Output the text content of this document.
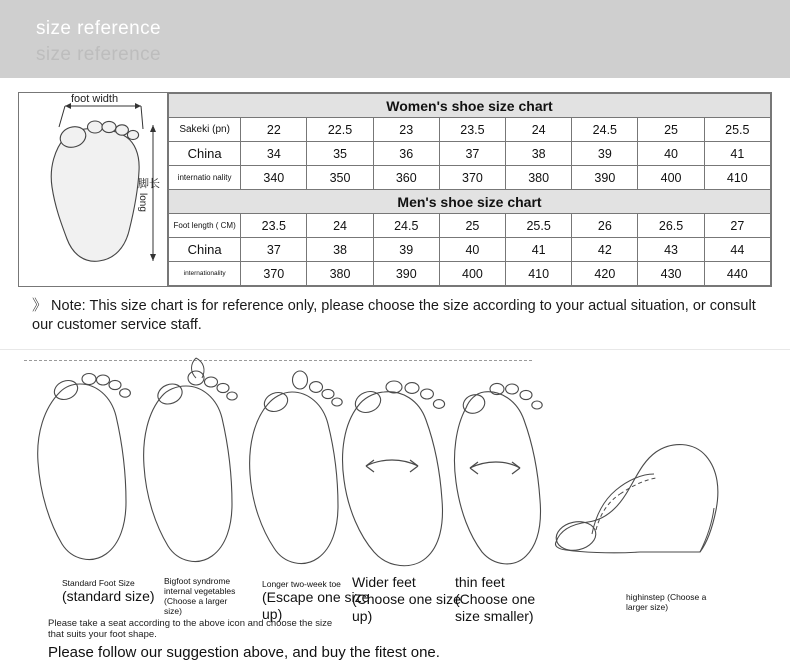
size reference
size reference
foot width
脚长
long
Women's shoe size chart								
Sakeki (pn)	22	22.5	23	23.5	24	24.5	25	25.5
China	34	35	36	37	38	39	40	41
internatio nality	340	350	360	370	380	390	400	410
Men's shoe size chart								
Foot length ( CM)	23.5	24	24.5	25	25.5	26	26.5	27
China	37	38	39	40	41	42	43	44
internationality	370	380	390	400	410	420	430	440
》 Note: This size chart is for reference only, please choose the size according to your actual situation, or consult our customer service staff.
Standard Foot Size
(standard size)
Bigfoot syndrome internal vegetables (Choose a larger size)
Longer two-week toe
(Escape one size up)
Wider feet (Choose one size up)
thin feet (Choose one size smaller)
highinstep (Choose a larger size)
Please take a seat according to the above icon and choose the size that suits your foot shape.
Please follow our suggestion above, and buy the fitest one.
